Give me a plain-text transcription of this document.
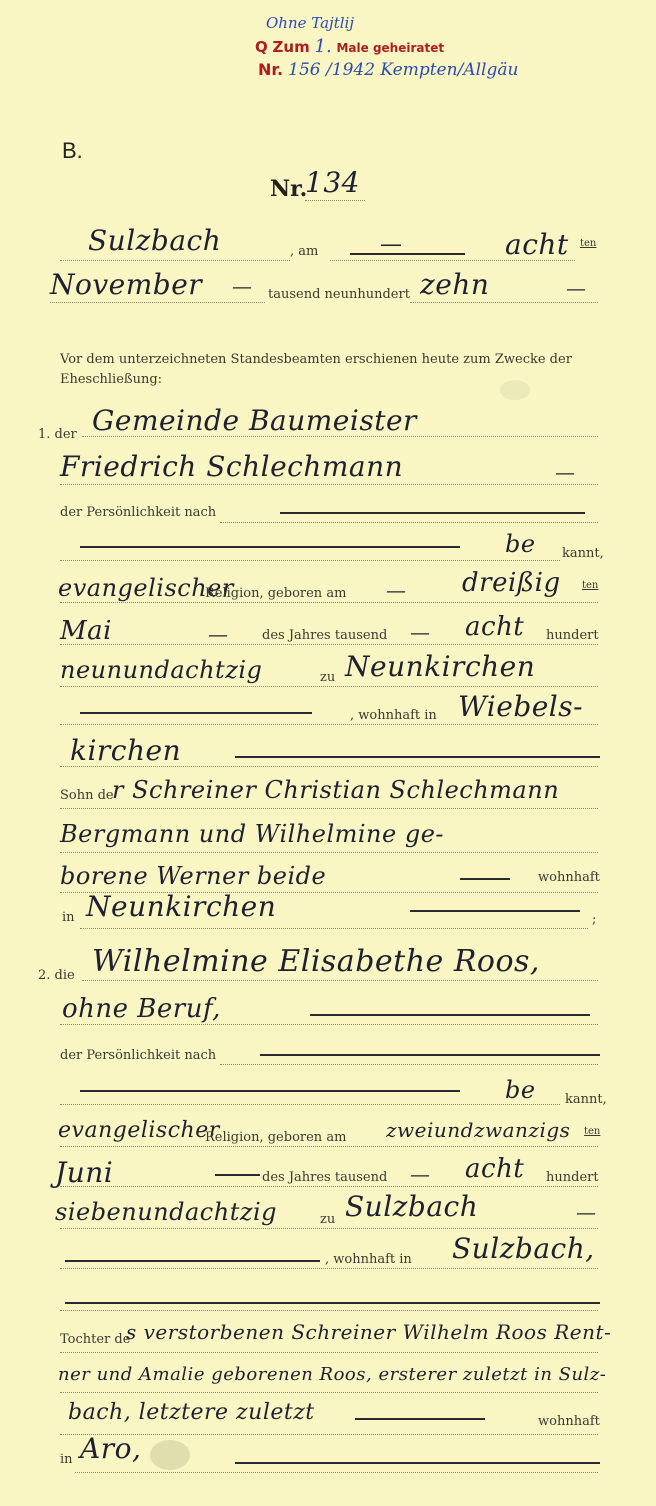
Ohne Tajtlij
Q Zum 1. Male geheiratet
Nr. 156 /1942 Kempten/Allgäu
B.
Nr.
134
Sulzbach	, am	—	acht ten
November — tausend neunhundert zehn	—
Vor dem unterzeichneten Standesbeamten erschienen heute zum Zwecke der
Eheschließung:
1. der Gemeinde Baumeister
Friedrich Schlechmann	—
der Persönlichkeit nach
be kannt,
evangelischer
Religion, geboren am — dreißig ten
Mai	—	des Jahres tausend — acht hundert
neunundachtzig	zu Neunkirchen
, wohnhaft in Wiebels-
kirchen
Sohn de
r Schreiner Christian Schlechmann
Bergmann und Wilhelmine ge-
borene Werner beide	wohnhaft
in Neunkirchen	;
2. die Wilhelmine Elisabethe Roos,
ohne Beruf,
der Persönlichkeit nach
be kannt,
evangelischer
Religion, geboren am zweiundzwanzigs ten
Juni	des Jahres tausend — acht hundert
siebenundachtzig	zu Sulzbach	—
, wohnhaft in Sulzbach,
Tochter de
s verstorbenen Schreiner Wilhelm Roos Rent-
ner und Amalie geborenen Roos, ersterer zuletzt in Sulz-
bach, letztere zuletzt	wohnhaft
in Aro,
